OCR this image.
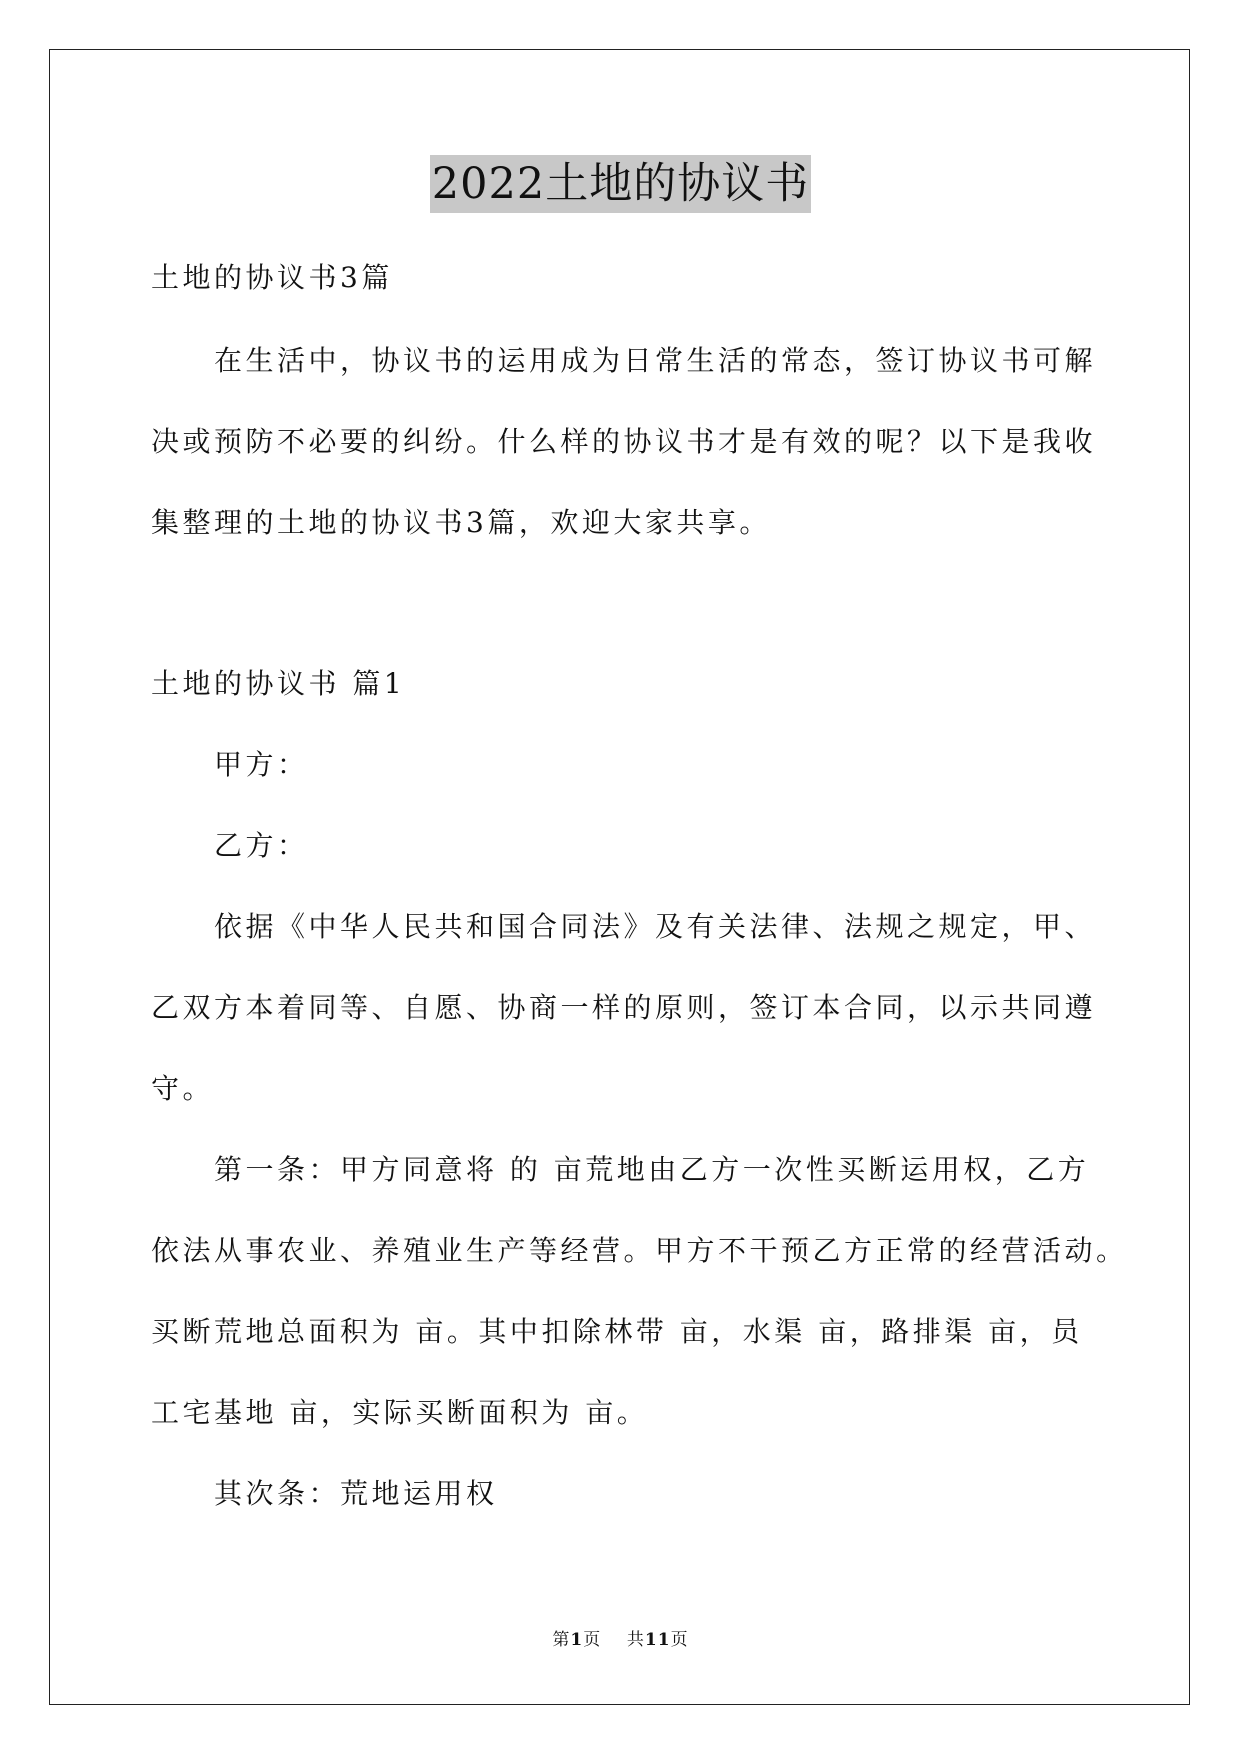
2022土地的协议书
土地的协议书3篇
在生活中，协议书的运用成为日常生活的常态，签订协议书可解
决或预防不必要的纠纷。什么样的协议书才是有效的呢？以下是我收
集整理的土地的协议书3篇，欢迎大家共享。
土地的协议书 篇1
甲方：
乙方：
依据《中华人民共和国合同法》及有关法律、法规之规定，甲、
乙双方本着同等、自愿、协商一样的原则，签订本合同，以示共同遵
守。
第一条：甲方同意将 的 亩荒地由乙方一次性买断运用权，乙方
依法从事农业、养殖业生产等经营。甲方不干预乙方正常的经营活动。
买断荒地总面积为 亩。其中扣除林带 亩，水渠 亩，路排渠 亩，员
工宅基地 亩，实际买断面积为 亩。
其次条：荒地运用权
第1页 共11页
